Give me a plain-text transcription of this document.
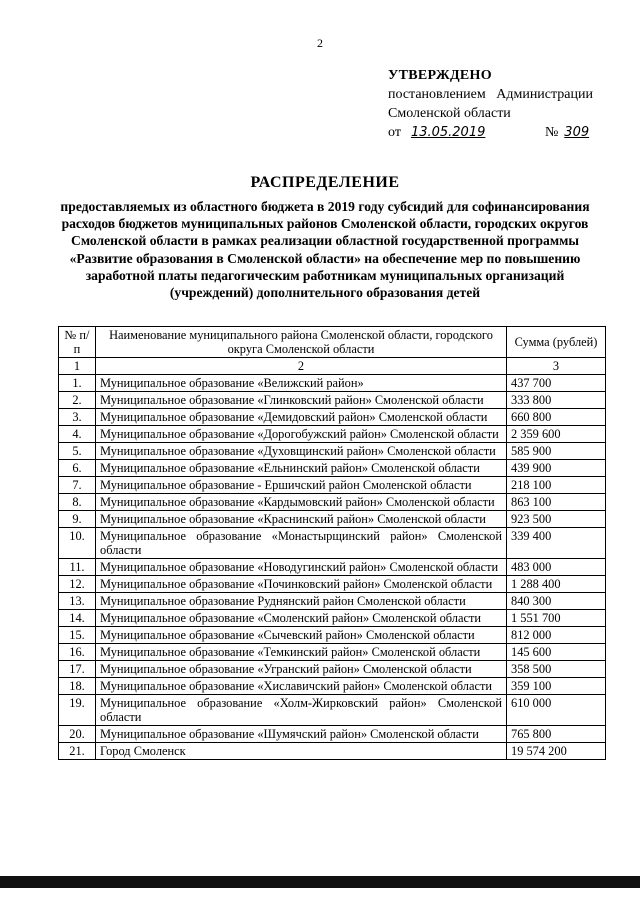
2
УТВЕРЖДЕНО
постановлением   Администрации
Смоленской области
от 13.05.2019	№ 309
РАСПРЕДЕЛЕНИЕ
предоставляемых из областного бюджета в 2019 году субсидий для софинансирования расходов бюджетов муниципальных районов Смоленской области, городских округов Смоленской области в рамках реализации областной государственной программы «Развитие образования в Смоленской области» на обеспечение мер по повышению заработной платы педагогическим работникам муниципальных организаций (учреждений) дополнительного образования детей
№ п/п	Наименование муниципального района Смоленской области, городского округа Смоленской области	Сумма (рублей)
1	2	3
1.	Муниципальное образование «Велижский район»	437 700
2.	Муниципальное образование «Глинковский район» Смоленской области	333 800
3.	Муниципальное образование «Демидовский район» Смоленской области	660 800
4.	Муниципальное образование «Дорогобужский район» Смоленской области	2 359 600
5.	Муниципальное образование «Духовщинский район» Смоленской области	585 900
6.	Муниципальное образование «Ельнинский район» Смоленской области	439 900
7.	Муниципальное образование - Ершичский район Смоленской области	218 100
8.	Муниципальное образование «Кардымовский район» Смоленской области	863 100
9.	Муниципальное образование «Краснинский район» Смоленской области	923 500
10.	Муниципальное образование «Монастырщинский район» Смоленской области	339 400
11.	Муниципальное образование «Новодугинский район» Смоленской области	483 000
12.	Муниципальное образование «Починковский район» Смоленской области	1 288 400
13.	Муниципальное образование Руднянский район Смоленской области	840 300
14.	Муниципальное образование «Смоленский район» Смоленской области	1 551 700
15.	Муниципальное образование «Сычевский район» Смоленской области	812 000
16.	Муниципальное образование «Темкинский район» Смоленской области	145 600
17.	Муниципальное образование «Угранский район» Смоленской области	358 500
18.	Муниципальное образование «Хиславичский район» Смоленской области	359 100
19.	Муниципальное образование «Холм-Жирковский район» Смоленской области	610 000
20.	Муниципальное образование «Шумячский район» Смоленской области	765 800
21.	Город Смоленск	19 574 200
